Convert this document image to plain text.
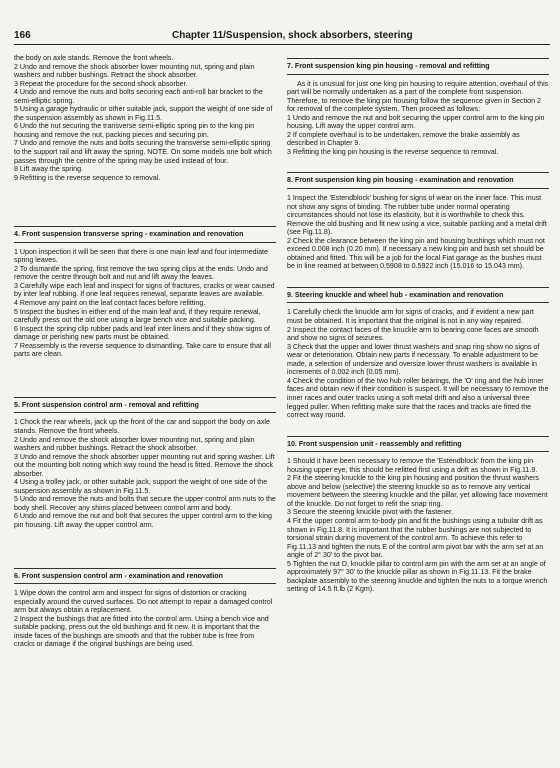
166	Chapter 11/Suspension, shock absorbers, steering

the body on axle stands. Remove the front wheels.

2 Undo and remove the shock absorber lower mounting nut, spring and plain washers and rubber bushings. Retract the shock absorber.

3 Repeat the procedure for the second shock absorber.

4 Undo and remove the nuts and bolts securing each anti-roll bar bracket to the semi-elliptic spring.

5 Using a garage hydraulic or other suitable jack, support the weight of one side of the suspension assembly as shown in Fig.11.5.

6 Undo the nut securing the transverse semi-elliptic spring pin to the king pin housing and remove the nut, packing pieces and securing pin.

7 Undo and remove the nuts and bolts securing the transverse semi-elliptic spring to the support rail and lift away the spring. NOTE. On some models one bolt which passes through the centre of the spring may be used instead of four.

8 Lift away the spring.

9 Refitting is the reverse sequence to removal.

4. Front suspension transverse spring - examination and renovation

1 Upon inspection it will be seen that there is one main leaf and four intermediate spring leaves.

2 To dismantle the spring, first remove the two spring clips at the ends. Undo and remove the centre through bolt and nut and lift away the leaves.

3 Carefully wipe each leaf and inspect for signs of fractures, cracks or wear caused by inter leaf rubbing. If one leaf requires renewal, separate leaves are available.

4 Remove any paint on the leaf contact faces before refitting.

5 Inspect the bushes in either end of the main leaf and, if they require renewal, carefully press out the old one using a large bench vice and suitable packing.

6 Inspect the spring clip rubber pads and leaf inter liners and if they show signs of damage or perishing new parts must be obtained.

7 Reassembly is the reverse sequence to dismantling. Take care to ensure that all parts are clean.

5. Front suspension control arm - removal and refitting

1 Chock the rear wheels, jack up the front of the car and support the body on axle stands. Remove the front wheels.

2 Undo and remove the shock absorber lower mounting nut, spring and plain washers and rubber bushings. Retract the shock absorber.

3 Undo and remove the shock absorber upper mounting nut and spring washer. Lift out the mounting bolt noting which way round the head is fitted. Remove the shock absorber.

4 Using a trolley jack, or other suitable jack, support the weight of one side of the suspension assembly as shown in Fig.11.5.

5 Undo and remove the nuts and bolts that secure the upper control arm nuts to the body shell. Recover any shims placed between control arm and body.

6 Undo and remove the nut and bolt that secures the upper control arm to the king pin housing. Lift away the upper control arm.

6. Front suspension control arm - examination and renovation

1 Wipe down the control arm and inspect for signs of distortion or cracking especially around the curved surfaces. Do not attempt to repair a damaged control arm but always obtain a replacement.

2 Inspect the bushings that are fitted into the control arm. Using a bench vice and suitable packing, press out the old bushings and fit new. It is important that the inside faces of the bushings are smooth and that the rubber tube is free from cracks or damage if the original bushings are being used.

7. Front suspension king pin housing - removal and refitting

As it is unusual for just one king pin housing to require attention, overhaul of this part will be normally undertaken as a part of the complete front suspension. Therefore, to remove the king pin housing follow the sequence given in Section 2 for removal of the complete system. Then proceed as follows:

1 Undo and remove the nut and bolt securing the upper control arm to the king pin housing. Lift away the upper control arm.

2 If complete overhaul is to be undertaken, remove the brake assembly as described in Chapter 9.

3 Refitting the king pin housing is the reverse sequence to removal.

8. Front suspension king pin housing - examination and renovation

1 Inspect the 'Estendblock' bushing for signs of wear on the inner face. This must not show any signs of binding. The rubber tube under normal operating circumstances should not lose its elasticity, but it is worthwhile to check this. Remove the old bushing and fit new using a vice, suitable packing and a metal drift (see Fig.11.8).

2 Check the clearance between the king pin and housing bushings which must not exceed 0.008 inch (0.20 mm). If necessary a new king pin and bush set should be obtained and fitted. This will be a job for the local Fiat garage as the bushes must be in line reamed at between 0.5908 to 0.5922 inch (15.016 to 15.043 mm).

9. Steering knuckle and wheel hub - examination and renovation

1 Carefully check the knuckle arm for signs of cracks, and if evident a new part must be obtained. It is important that the original is not in any way repaired.

2 Inspect the contact faces of the knuckle arm to bearing cone faces are smooth and show no signs of seizures.

3 Check that the upper and lower thrust washers and snap ring show no signs of wear or deterioration. Obtain new parts if necessary. To enable adjustment to be made, a selection of undersize and oversize lower thrust washers is available in increments of 0.002 inch (0.05 mm).

4 Check the condition of the two hub roller bearings, the 'O' ring and the hub inner faces and obtain new if their condition is suspect. It will be necessary to remove the inner races and outer tracks using a soft metal drift and also a universal three legged puller. When refitting make sure that the races and tracks are fitted the correct way round.

10. Front suspension unit - reassembly and refitting

1 Should it have been necessary to remove the 'Estendblock' from the king pin housing upper eye, this should be refitted first using a drift as shown in Fig.11.9.

2 Fit the steering knuckle to the king pin housing and position the thrust washers above and below (selective) the steering knuckle so as to remove any vertical movement between the steering knuckle and the pillar, yet allowing face movement of the knuckle. Do not forget to refit the snap ring.

3 Secure the steering knuckle pivot with the fastener.

4 Fit the upper control arm to-body pin and fit the bushings using a tubular drift as shown in Fig.11.8. It is important that the rubber bushings are not subjected to torsional strain during movement of the control arm. To achieve this refer to Fig.11.13 and tighten the nuts E of the control arm pivot bar with the arm set at an angle of 2° 30' to the pivot bar.

5 Tighten the nut D, knuckle pillar to control arm pin with the arm set at an angle of approximately 97° 30' to the knuckle pillar as shown in Fig.11.13. Fit the brake backplate assembly to the steering knuckle and tighten the nuts to a torque wrench setting of 14.5 ft.lb (2 Kgm).
